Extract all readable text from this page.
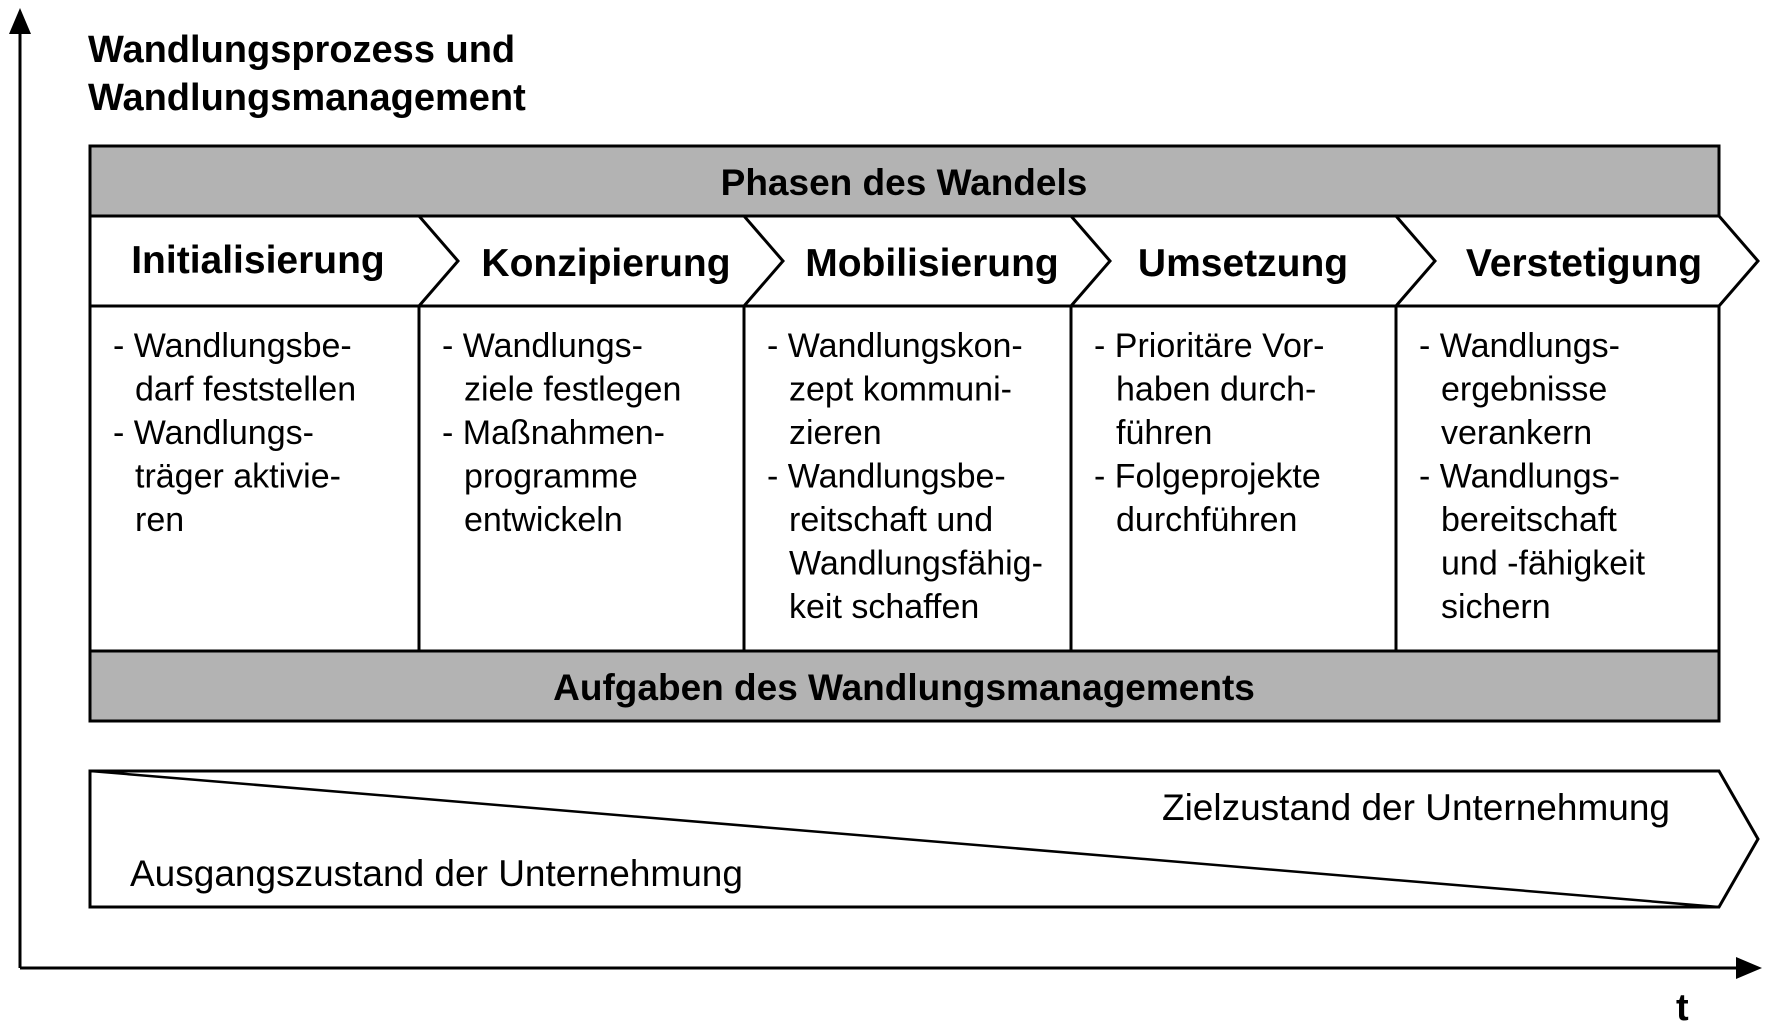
t
Wandlungsprozess und
Wandlungsmanagement
Phasen des Wandels
Aufgaben des Wandlungsmanagements
Initialisierung Konzipierung Mobilisierung Umsetzung	Verstetigung
- Wandlungsbe-
darf feststellen
- Wandlungs-
träger aktivie-
ren
- Wandlungs-
ziele festlegen
- Maßnahmen-
programme
entwickeln
- Wandlungskon-
zept kommuni-
zieren
- Wandlungsbe-
reitschaft und
Wandlungsfähig-
keit schaffen
- Prioritäre Vor-
haben durch-
führen
- Folgeprojekte
durchführen
- Wandlungs-
ergebnisse
verankern
- Wandlungs-
bereitschaft
und -fähigkeit
sichern
Zielzustand der Unternehmung
Ausgangszustand der Unternehmung
